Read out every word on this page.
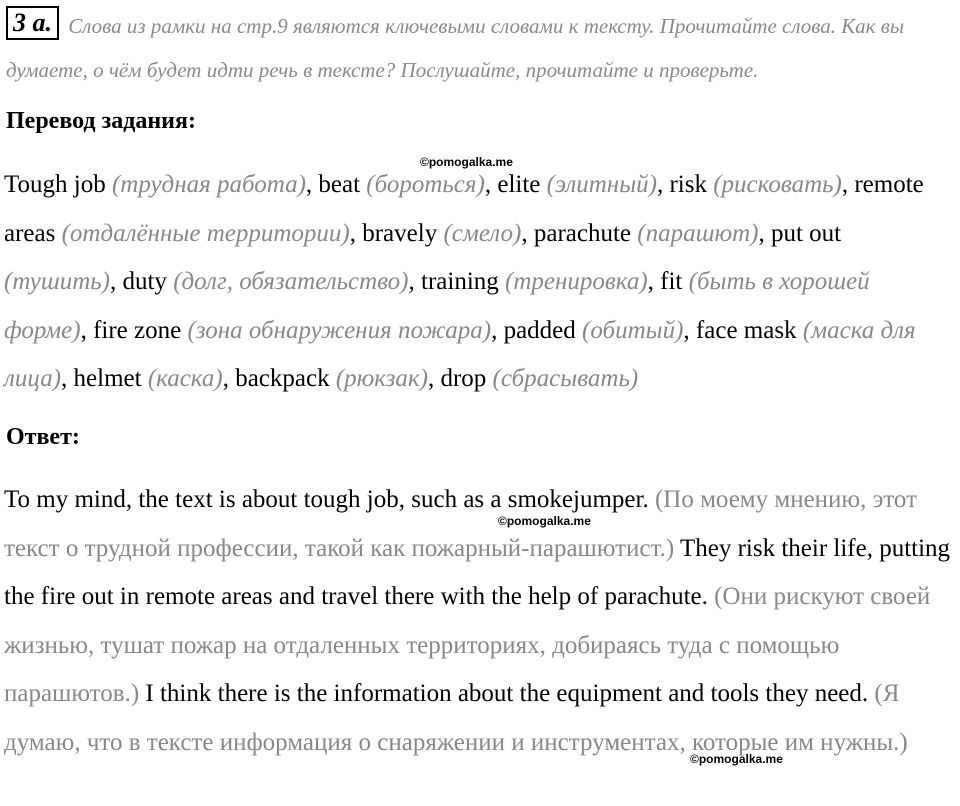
3 a. Слова из рамки на стр.9 являются ключевыми словами к тексту. Прочитайте слова. Как вы думаете, о чём будет идти речь в тексте? Послушайте, прочитайте и проверьте.
Перевод задания:
©pomogalka.me
Tough job (трудная работа), beat (бороться), elite (элитный), risk (рисковать), remote areas (отдалённые территории), bravely (смело), parachute (парашют), put out (тушить), duty (долг, обязательство), training (тренировка), fit (быть в хорошей форме), fire zone (зона обнаружения пожара), padded (обитый), face mask (маска для лица), helmet (каска), backpack (рюкзак), drop (сбрасывать)
Ответ:
©pomogalka.me
©pomogalka.me
To my mind, the text is about tough job, such as a smokejumper. (По моему мнению, этот текст о трудной профессии, такой как пожарный-парашютист.) They risk their life, putting the fire out in remote areas and travel there with the help of parachute. (Они рискуют своей жизнью, тушат пожар на отдаленных территориях, добираясь туда с помощью парашютов.) I think there is the information about the equipment and tools they need. (Я думаю, что в тексте информация о снаряжении и инструментах, которые им нужны.)
